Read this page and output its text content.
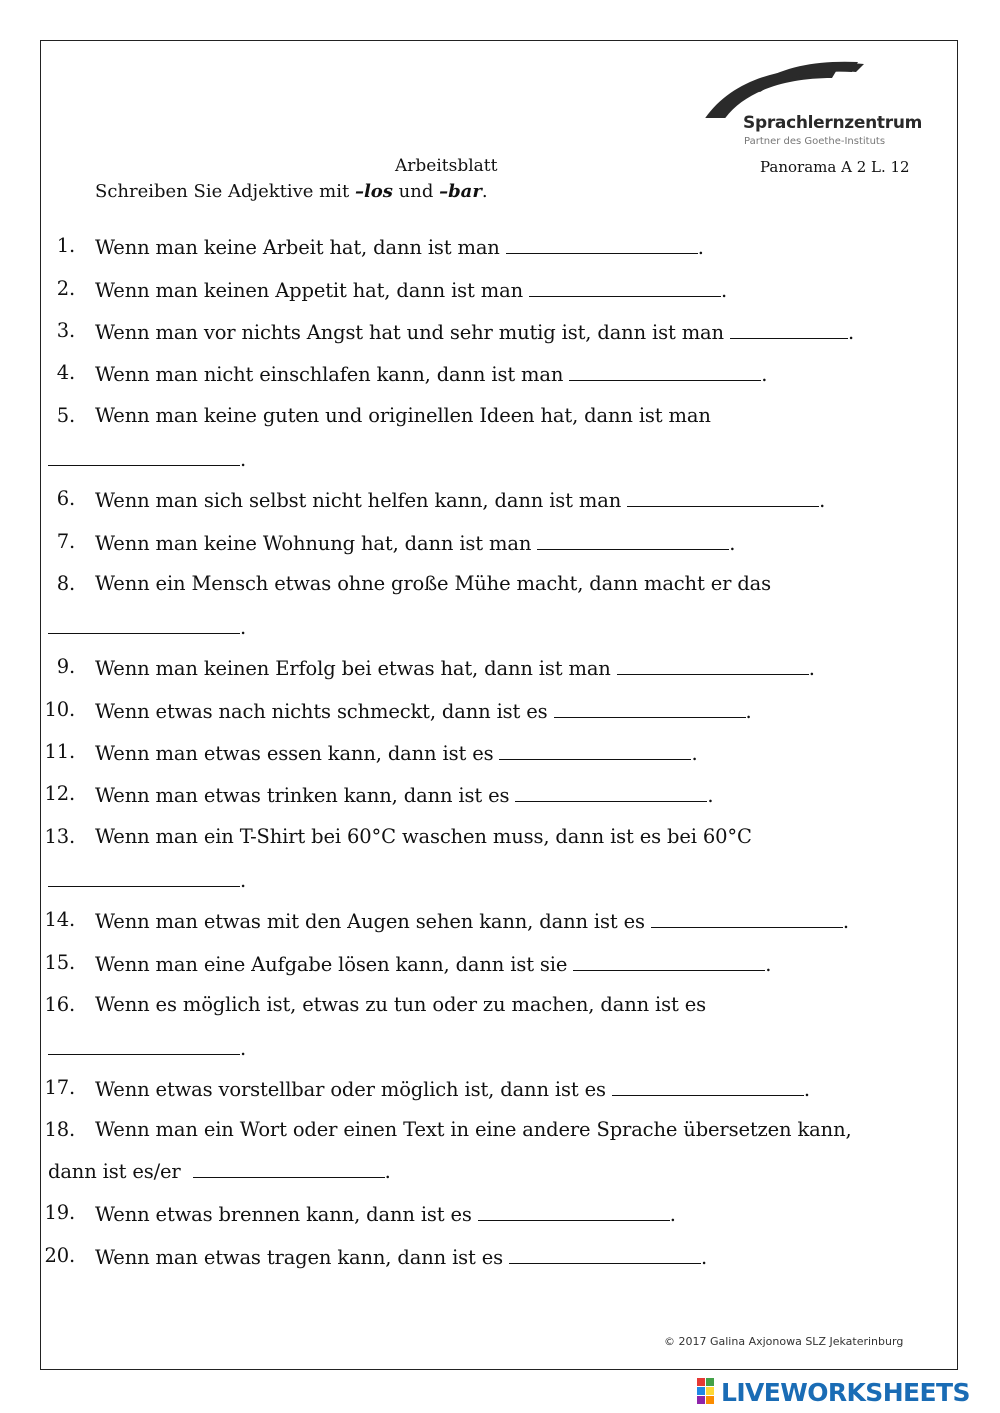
Sprachlernzentrum
Partner des Goethe-Instituts
Arbeitsblatt	Panorama A 2 L. 12
Schreiben Sie Adjektive mit –los und –bar.
1. Wenn man keine Arbeit hat, dann ist man	.
2. Wenn man keinen Appetit hat, dann ist man	.
3. Wenn man vor nichts Angst hat und sehr mutig ist, dann ist man	.
4. Wenn man nicht einschlafen kann, dann ist man	.
5. Wenn man keine guten und originellen Ideen hat, dann ist man
.
6. Wenn man sich selbst nicht helfen kann, dann ist man	.
7. Wenn man keine Wohnung hat, dann ist man	.
8. Wenn ein Mensch etwas ohne große Mühe macht, dann macht er das
.
9. Wenn man keinen Erfolg bei etwas hat, dann ist man	.
10. Wenn etwas nach nichts schmeckt, dann ist es	.
11. Wenn man etwas essen kann, dann ist es	.
12. Wenn man etwas trinken kann, dann ist es	.
13. Wenn man ein T-Shirt bei 60°C waschen muss, dann ist es bei 60°C
.
14. Wenn man etwas mit den Augen sehen kann, dann ist es	.
15. Wenn man eine Aufgabe lösen kann, dann ist sie	.
16. Wenn es möglich ist, etwas zu tun oder zu machen, dann ist es
.
17. Wenn etwas vorstellbar oder möglich ist, dann ist es	.
18. Wenn man ein Wort oder einen Text in eine andere Sprache übersetzen kann,
dann ist es/er	.
19. Wenn etwas brennen kann, dann ist es	.
20. Wenn man etwas tragen kann, dann ist es	.
© 2017 Galina Axjonowa SLZ Jekaterinburg
LIVEWORKSHEETS
